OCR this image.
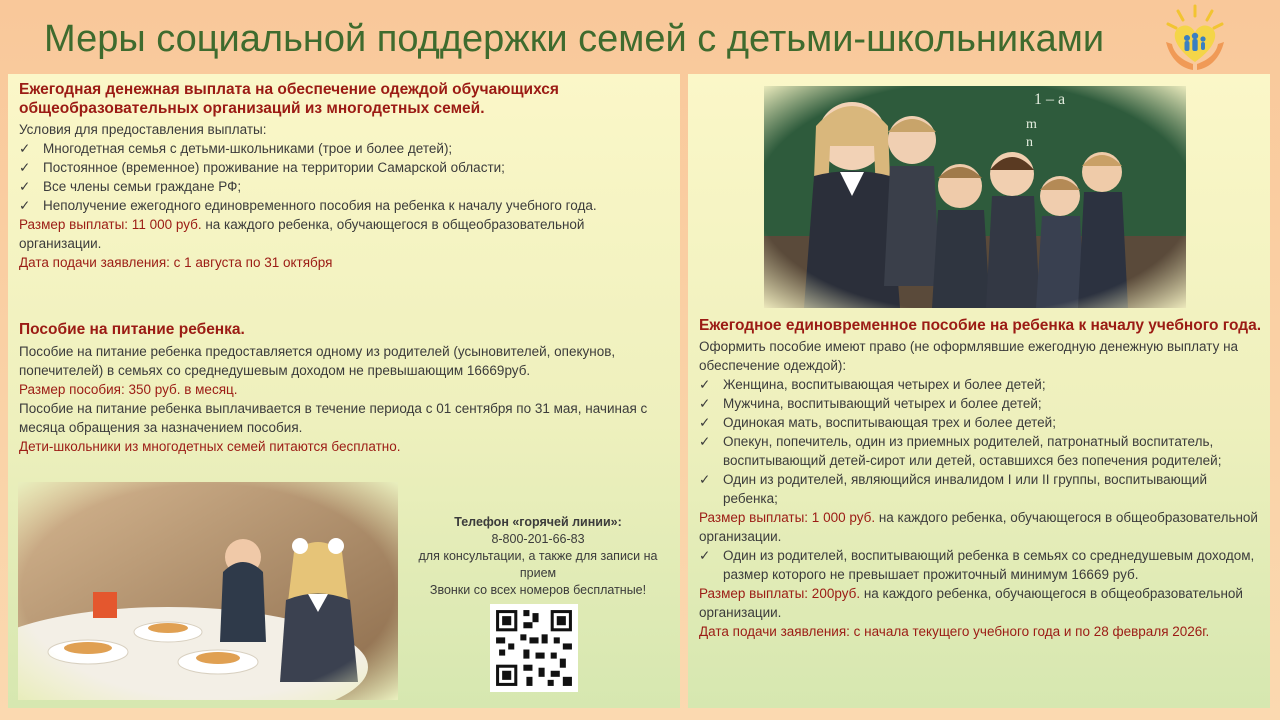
Меры социальной поддержки семей с детьми-школьниками
Ежегодная денежная выплата на обеспечение одеждой обучающихся общеобразовательных организаций из многодетных семей.
Условия для предоставления выплаты:
✓ Многодетная семья с детьми-школьниками (трое и более детей);
✓ Постоянное (временное) проживание на территории Самарской области;
✓ Все члены семьи граждане РФ;
✓ Неполучение ежегодного единовременного пособия на ребенка к началу учебного года.
Размер выплаты: 11 000 руб. на каждого ребенка, обучающегося в общеобразовательной организации.
Дата подачи заявления: с 1 августа по 31 октября
Пособие на питание ребенка.
Пособие на питание ребенка предоставляется одному из родителей (усыновителей, опекунов, попечителей) в семьях со среднедушевым доходом не превышающим 16669руб.
Размер пособия: 350 руб. в месяц.
Пособие на питание ребенка выплачивается в течение периода с 01 сентября по 31 мая, начиная с месяца обращения за назначением пособия.
Дети-школьники из многодетных семей питаются бесплатно.
Телефон «горячей линии»:
8-800-201-66-83
для консультации, а также для записи на прием
Звонки со всех номеров бесплатные!
Ежегодное единовременное пособие на ребенка к началу учебного года.
Оформить пособие имеют право (не оформлявшие ежегодную денежную выплату на обеспечение одеждой):
✓ Женщина, воспитывающая четырех и более детей;
✓ Мужчина, воспитывающий четырех и более детей;
✓ Одинокая мать, воспитывающая трех и более детей;
✓ Опекун, попечитель, один из приемных родителей, патронатный воспитатель, воспитывающий детей-сирот или детей, оставшихся без попечения родителей;
✓ Один из родителей, являющийся инвалидом I или II группы, воспитывающий ребенка;
Размер выплаты: 1 000 руб. на каждого ребенка, обучающегося в общеобразовательной организации.
✓ Один из родителей, воспитывающий ребенка в семьях со среднедушевым доходом, размер которого не превышает прожиточный минимум 16669 руб.
Размер выплаты: 200руб. на каждого ребенка, обучающегося в общеобразовательной организации.
Дата подачи заявления: с начала текущего учебного года и по 28 февраля 2026г.
